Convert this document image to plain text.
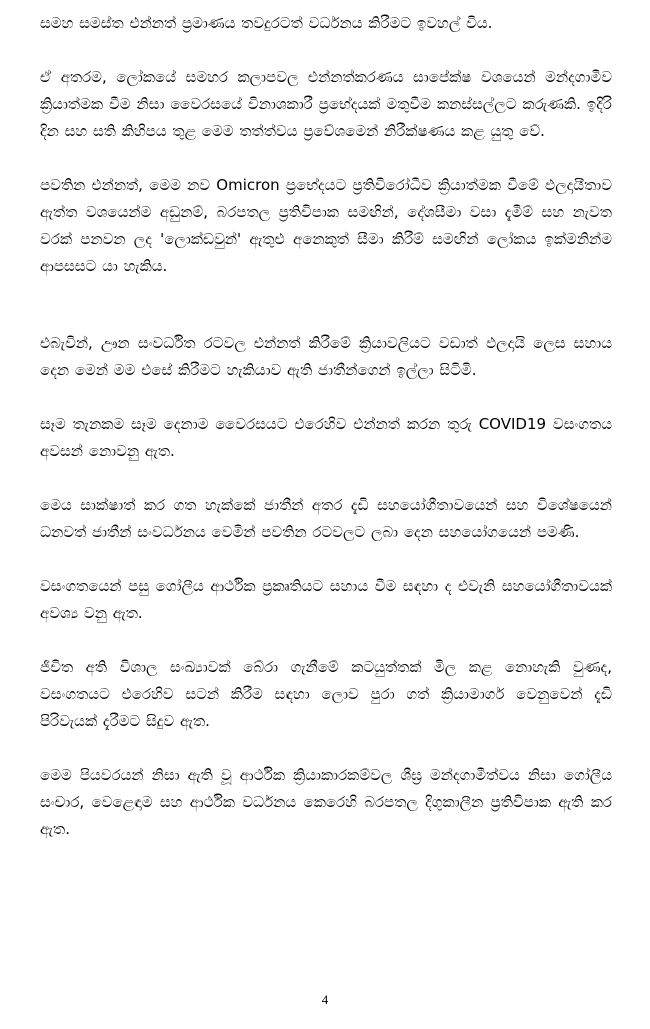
සමහ සමස්ත එන්නත් ප්‍රමාණය තවදුරටත් වර්ධනය කිරීමට ඉවහල් විය.

ඒ අතරම, ලෝකයේ සමහර කලාපවල එන්නත්කරණය සාපේක්ෂ වශයෙන් මන්දගාමීව ක්‍රියාත්මක වීම නිසා වෛරසයේ විනාශකාරී ප්‍රභේදයක් මතුවීම කනස්සල්ලට කරුණකි. ඉදිරි දින සහ සති කිහිපය තුළ මෙම තත්ත්වය ප්‍රවේශමෙන් නිරීක්ෂණය කළ යුතු වේ.

පවතින එන්නත්, මෙම නව Omicron ප්‍රභේදයට ප්‍රතිවිරෝධීව ක්‍රියාත්මක වීමේ ඵලදායීතාව ඇත්ත වශයෙන්ම අඩුනම්, බරපතල ප්‍රතිවිපාක සමඟින්, දේශසීමා වසා දැමීම් සහ නැවත වරක් පනවන ලද 'ලොක්ඩවුන්' ඇතුළු අනෙකුත් සීමා කිරීම් සමඟින් ලෝකය ඉක්මනින්ම ආපසසට යා හැකිය.

එබැවින්, ඌන සංවර්ධිත රටවල එන්නත් කිරීමේ ක්‍රියාවලියට වඩාත් ඵලදායි ලෙස සහාය දෙන මෙන් මම එසේ කිරීමට හැකියාව ඇති ජාතීන්ගෙන් ඉල්ලා සිටිමි.

සෑම තැනකම සෑම දෙනාම වෛරසයට එරෙහිව එන්නත් කරන තුරු COVID19 වසංගතය අවසන් නොවනු ඇත.

මෙය සාක්ෂාත් කර ගත හැක්කේ ජාතීන් අතර දැඩි සහයෝගීතාවයෙන් සහ විශේෂයෙන් ධනවත් ජාතීන් සංවර්ධනය වෙමින් පවතින රටවලට ලබා දෙන සහයෝගයෙන් පමණි.

වසංගතයෙන් පසු ගෝලීය ආර්ථික ප්‍රකෘතියට සහාය වීම සඳහා ද එවැනි සහයෝගීතාවයක් අවශ්‍ය වනු ඇත.

ජීවිත අති විශාල සංඛ්‍යාවක් බේරා ගැනීමේ කටයුත්තක් මිල කළ නොහැකි වුණද, වසංගතයට එරෙහිව සටන් කිරීම සඳහා ලොව පුරා ගත් ක්‍රියාමාර්ග වෙනුවෙන් දැඩි පිරිවැයක් දැරීමට සිදුව ඇත.

මෙම පියවරයන් නිසා ඇති වූ ආර්ථික ක්‍රියාකාරකම්වල ශීඝ්‍ර මන්දගාමීත්වය නිසා ගෝලීය සංචාර, වෙළෙඳාම සහ ආර්ථික වර්ධනය කෙරෙහි බරපතල දිගුකාලීන ප්‍රතිවිපාක ඇති කර ඇත.

4
